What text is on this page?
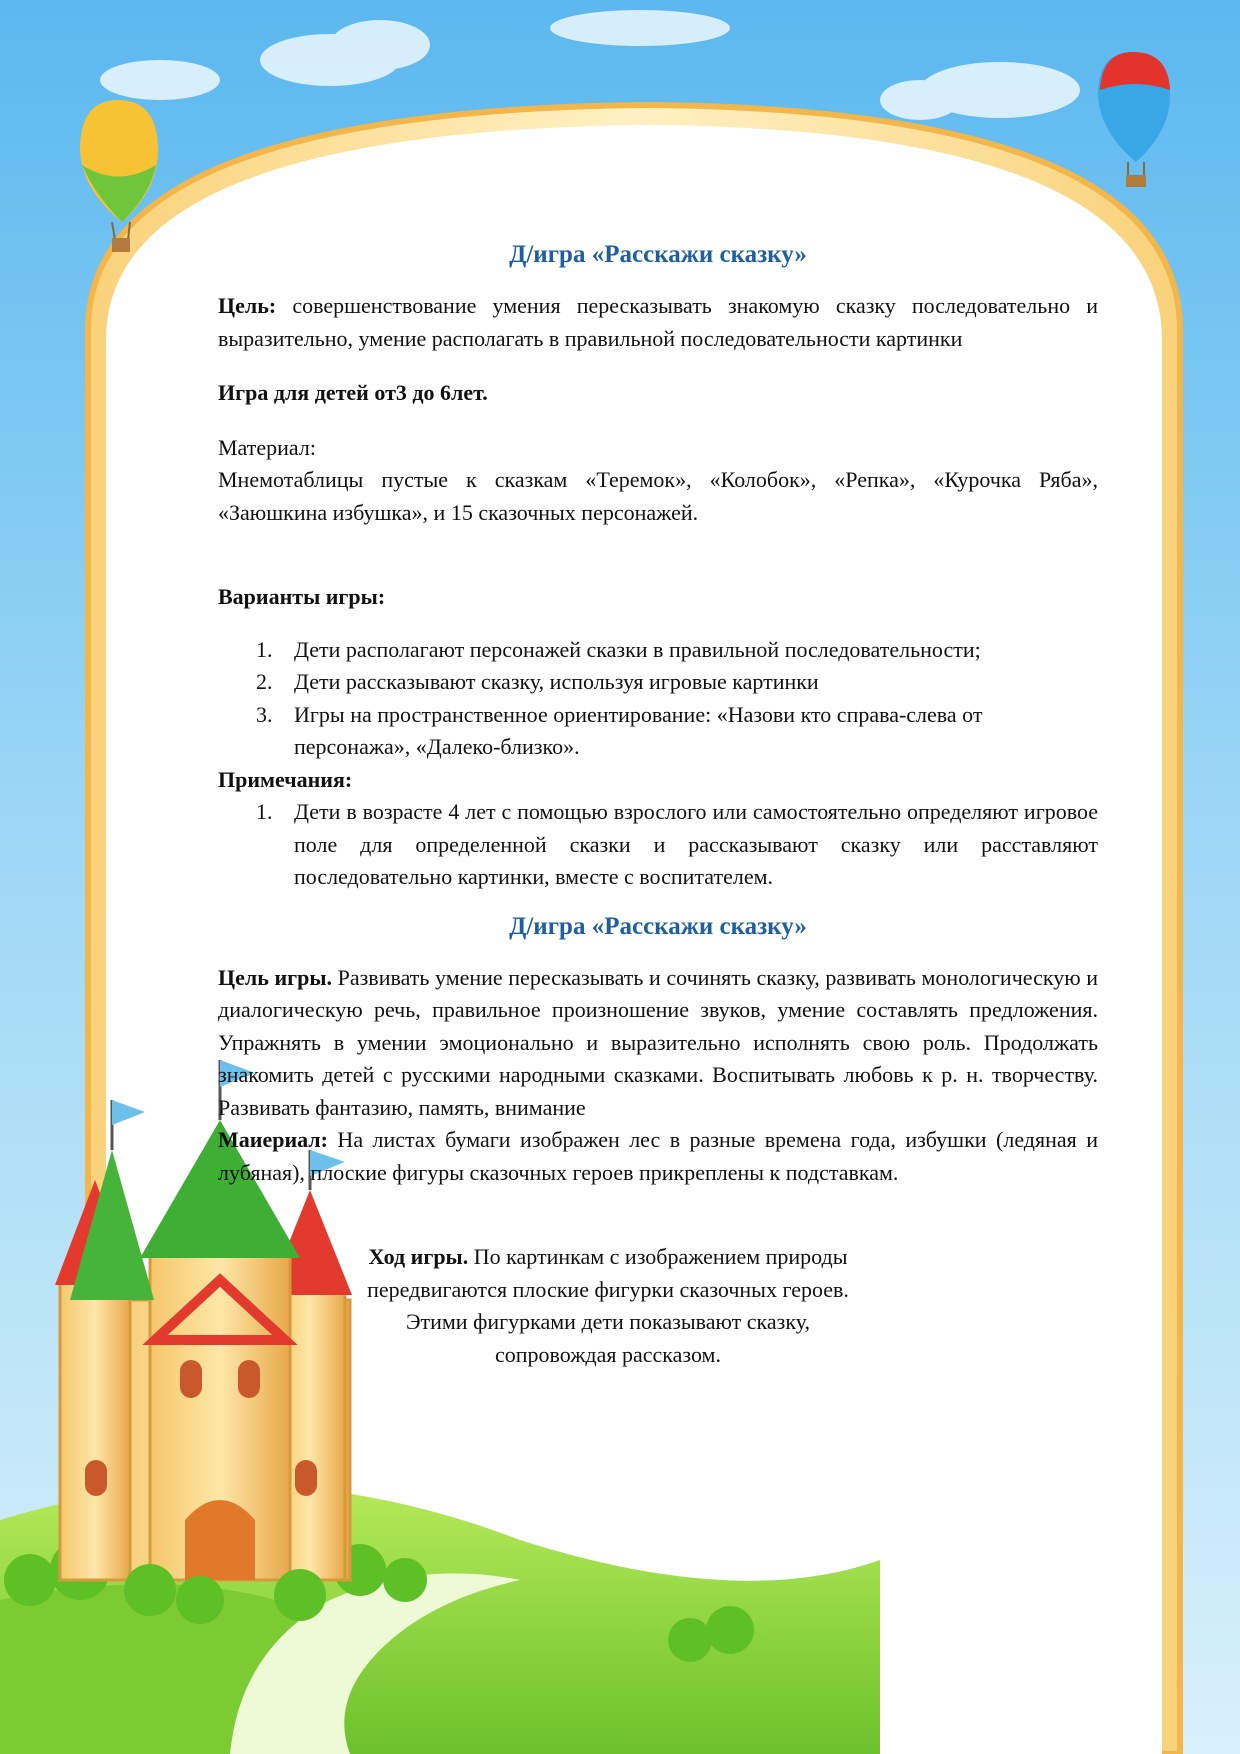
Д/игра «Расскажи сказку»

Цель: совершенствование умения пересказывать знакомую сказку последовательно и выразительно, умение располагать в правильной последовательности картинки

Игра для детей от3 до 6лет.

Материал:

Мнемотаблицы пустые к сказкам «Теремок», «Колобок», «Репка», «Курочка Ряба», «Заюшкина избушка», и 15 сказочных персонажей.

Варианты игры:

1. Дети располагают персонажей сказки в правильной последовательности;
2. Дети рассказывают сказку, используя игровые картинки
3. Игры на пространственное ориентирование: «Назови кто справа-слева от персонажа», «Далеко-близко».

Примечания:

1. Дети в возрасте 4 лет с помощью взрослого или самостоятельно определяют игровое поле для определенной сказки и рассказывают сказку или расставляют последовательно картинки, вместе с воспитателем.
Д/игра «Расскажи сказку»

Цель игры. Развивать умение пересказывать и сочинять сказку, развивать монологическую и диалогическую речь, правильное произношение звуков, умение составлять предложения. Упражнять в умении эмоционально и выразительно исполнять свою роль. Продолжать знакомить детей с русскими народными сказками. Воспитывать любовь к р. н. творчеству. Развивать фантазию, память, внимание

Маиериал: На листах бумаги изображен лес в разные времена года, избушки (ледяная и лубяная), плоские фигуры сказочных героев прикреплены к подставкам.

Ход игры. По картинкам с изображением природы

передвигаются плоские фигурки сказочных героев.

Этими фигурками дети показывают сказку,

сопровождая рассказом.
